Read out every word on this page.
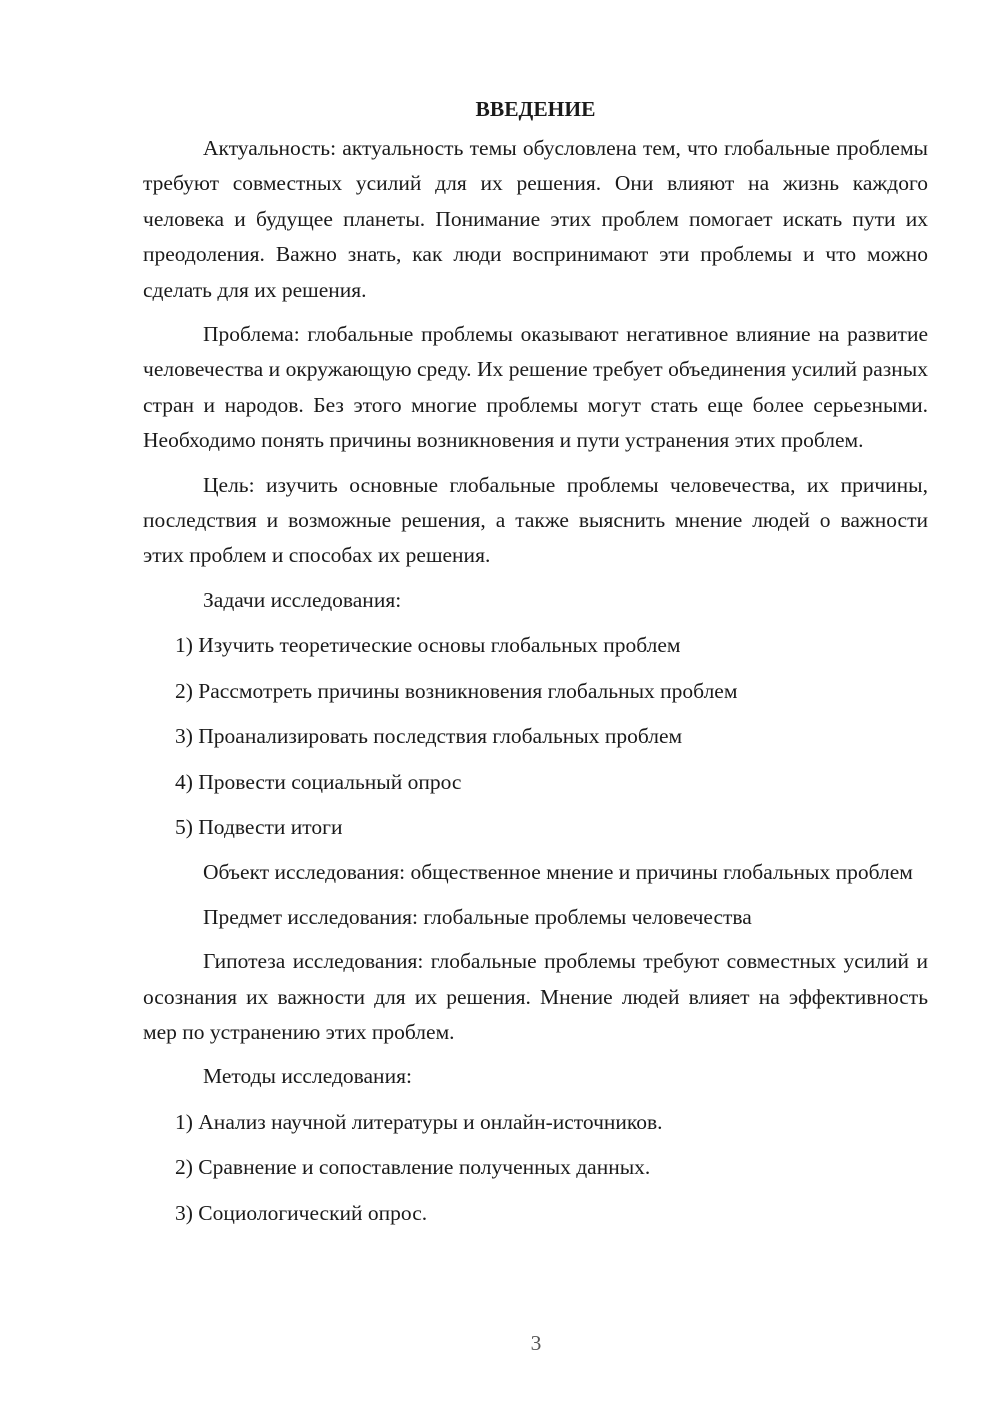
ВВЕДЕНИЕ

Актуальность: актуальность темы обусловлена тем, что глобальные проблемы требуют совместных усилий для их решения. Они влияют на жизнь каждого человека и будущее планеты. Понимание этих проблем помогает искать пути их преодоления. Важно знать, как люди воспринимают эти проблемы и что можно сделать для их решения.

Проблема: глобальные проблемы оказывают негативное влияние на развитие человечества и окружающую среду. Их решение требует объединения усилий разных стран и народов. Без этого многие проблемы могут стать еще более серьезными. Необходимо понять причины возникновения и пути устранения этих проблем.

Цель: изучить основные глобальные проблемы человечества, их причины, последствия и возможные решения, а также выяснить мнение людей о важности этих проблем и способах их решения.

Задачи исследования:
1) Изучить теоретические основы глобальных проблем
2) Рассмотреть причины возникновения глобальных проблем
3) Проанализировать последствия глобальных проблем
4) Провести социальный опрос
5) Подвести итоги

Объект исследования: общественное мнение и причины глобальных проблем

Предмет исследования: глобальные проблемы человечества

Гипотеза исследования: глобальные проблемы требуют совместных усилий и осознания их важности для их решения. Мнение людей влияет на эффективность мер по устранению этих проблем.

Методы исследования:
1) Анализ научной литературы и онлайн-источников.
2) Сравнение и сопоставление полученных данных.
3) Социологический опрос.
3
